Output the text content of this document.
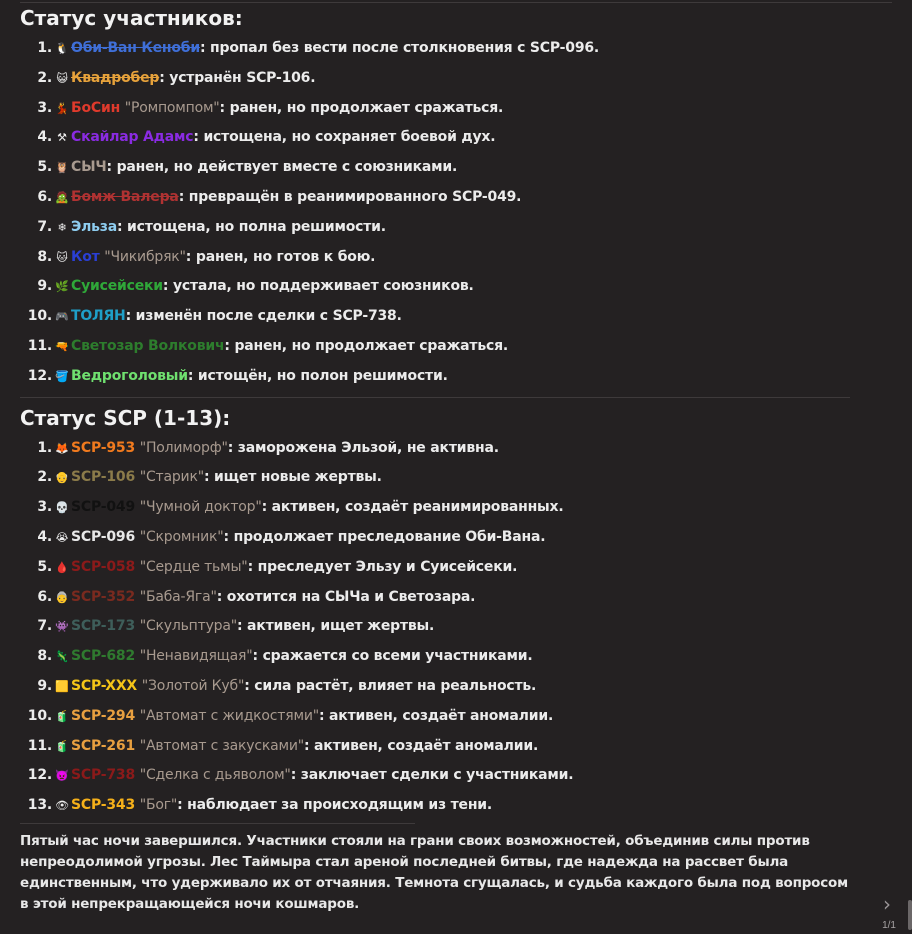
Статус участников:
1. 🐧 Оби-Ван Кеноби: пропал без вести после столкновения с SCP-096.
2. 😺 Квадробер: устранён SCP-106.
3. 💃 БоСин "Ромпомпом": ранен, но продолжает сражаться.
4. ⚒ Скайлар Адамс: истощена, но сохраняет боевой дух.
5. 🦉 СЫЧ: ранен, но действует вместе с союзниками.
6. 🧟 Бомж Валера: превращён в реанимированного SCP-049.
7. ❄ Эльза: истощена, но полна решимости.
8. 🐱 Кот "Чикибряк": ранен, но готов к бою.
9. 🌿 Суисейсеки: устала, но поддерживает союзников.
10. 🎮 ТОЛЯН: изменён после сделки с SCP-738.
11. 🔫 Светозар Волкович: ранен, но продолжает сражаться.
12. 🪣 Ведроголовый: истощён, но полон решимости.
Статус SCP (1-13):
1. 🦊 SCP-953 "Полиморф": заморожена Эльзой, не активна.
2. 👴 SCP-106 "Старик": ищет новые жертвы.
3. 💀 SCP-049 "Чумной доктор": активен, создаёт реанимированных.
4. 😭 SCP-096 "Скромник": продолжает преследование Оби-Вана.
5. 🩸 SCP-058 "Сердце тьмы": преследует Эльзу и Суисейсеки.
6. 👵 SCP-352 "Баба-Яга": охотится на СЫЧа и Светозара.
7. 👾 SCP-173 "Скульптура": активен, ищет жертвы.
8. 🦎 SCP-682 "Ненавидящая": сражается со всеми участниками.
9. 🟨 SCP-XXX "Золотой Куб": сила растёт, влияет на реальность.
10. 🧃 SCP-294 "Автомат с жидкостями": активен, создаёт аномалии.
11. 🧃 SCP-261 "Автомат с закусками": активен, создаёт аномалии.
12. 👿 SCP-738 "Сделка с дьяволом": заключает сделки с участниками.
13. 👁 SCP-343 "Бог": наблюдает за происходящим из тени.
Пятый час ночи завершился. Участники стояли на грани своих возможностей, объединив силы против непреодолимой угрозы. Лес Таймыра стал ареной последней битвы, где надежда на рассвет была единственным, что удерживало их от отчаяния. Темнота сгущалась, и судьба каждого была под вопросом в этой непрекращающейся ночи кошмаров.	›
1/1
